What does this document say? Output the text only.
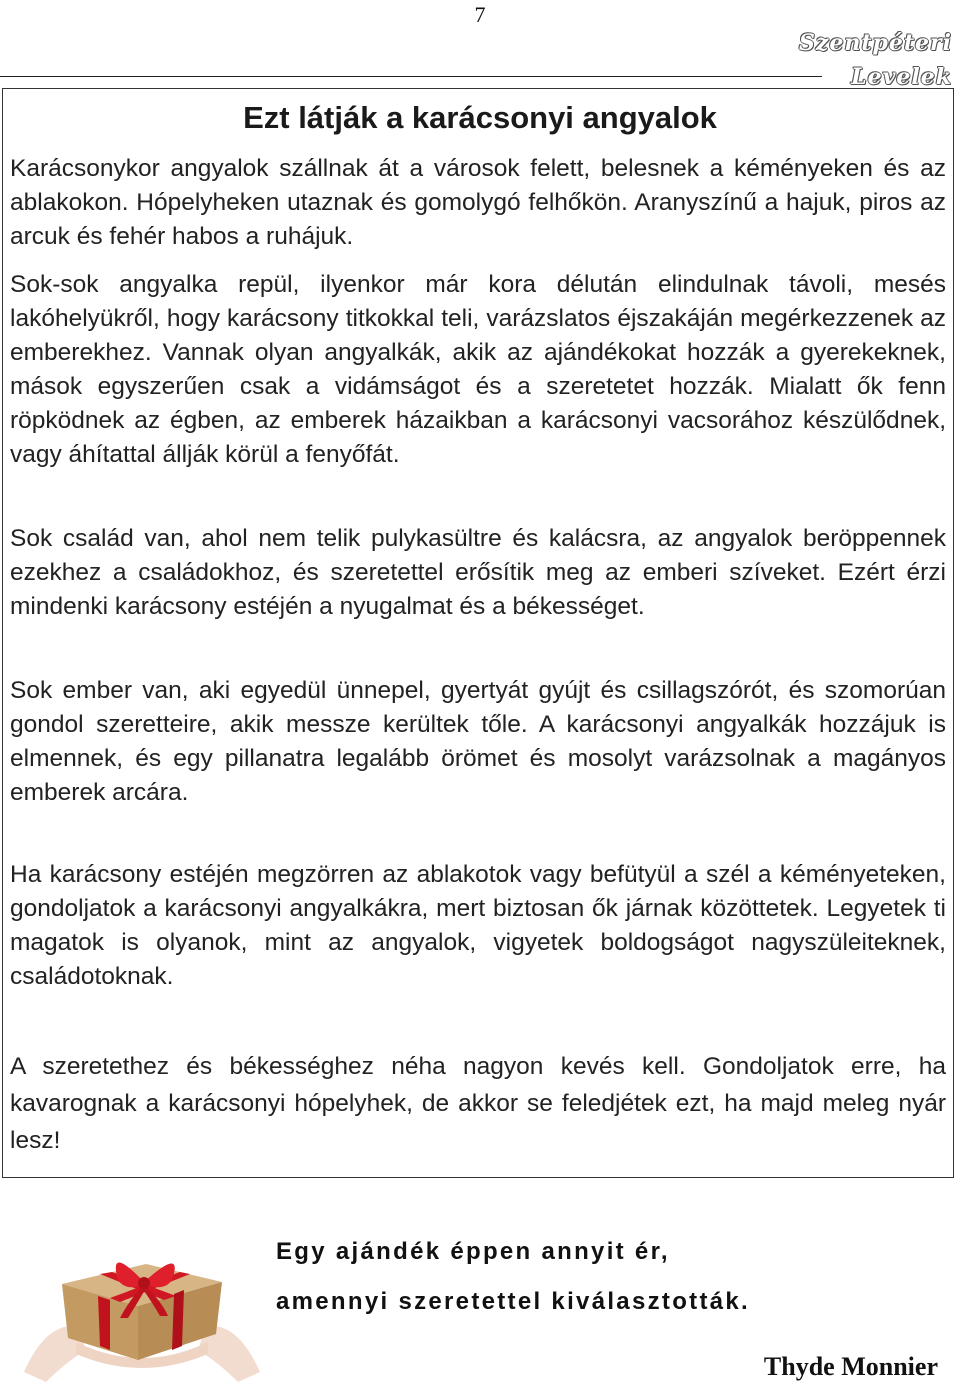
7
Szentpéteri
Levelek
Ezt látják a karácsonyi angyalok

Karácsonykor angyalok szállnak át a városok felett, belesnek a kéményeken és az ablakokon. Hópelyheken utaznak és gomolygó felhőkön. Aranyszínű a hajuk, piros az arcuk és fehér habos a ruhájuk.

Sok-sok angyalka repül, ilyenkor már kora délután elindulnak távoli, mesés lakóhelyükről, hogy karácsony titkokkal teli, varázslatos éjszakáján megérkezzenek az emberekhez. Vannak olyan angyalkák, akik az ajándékokat hozzák a gyerekeknek, mások egyszerűen csak a vidámságot és a szeretetet hozzák. Mialatt ők fenn röpködnek az égben, az emberek házaikban a karácsonyi vacsorához készülődnek, vagy áhítattal állják körül a fenyőfát.

Sok család van, ahol nem telik pulykasültre és kalácsra, az angyalok beröppennek ezekhez a családokhoz, és szeretettel erősítik meg az emberi szíveket. Ezért érzi mindenki karácsony estéjén a nyugalmat és a békességet.

Sok ember van, aki egyedül ünnepel, gyertyát gyújt és csillagszórót, és szomorúan gondol szeretteire, akik messze kerültek tőle. A karácsonyi angyalkák hozzájuk is elmennek, és egy pillanatra legalább örömet és mosolyt varázsolnak a magányos emberek arcára.

Ha karácsony estéjén megzörren az ablakotok vagy befütyül a szél a kéményeteken, gondoljatok a karácsonyi angyalkákra, mert biztosan ők járnak közöttetek. Legyetek ti magatok is olyanok, mint az angyalok, vigyetek boldogságot nagyszüleiteknek, családotoknak.

A szeretethez és békességhez néha nagyon kevés kell. Gondoljatok erre, ha kavarognak a karácsonyi hópelyhek, de akkor se feledjétek ezt, ha majd meleg nyár lesz!

Egy ajándék éppen annyit ér,

amennyi szeretettel kiválasztották.

Thyde Monnier
